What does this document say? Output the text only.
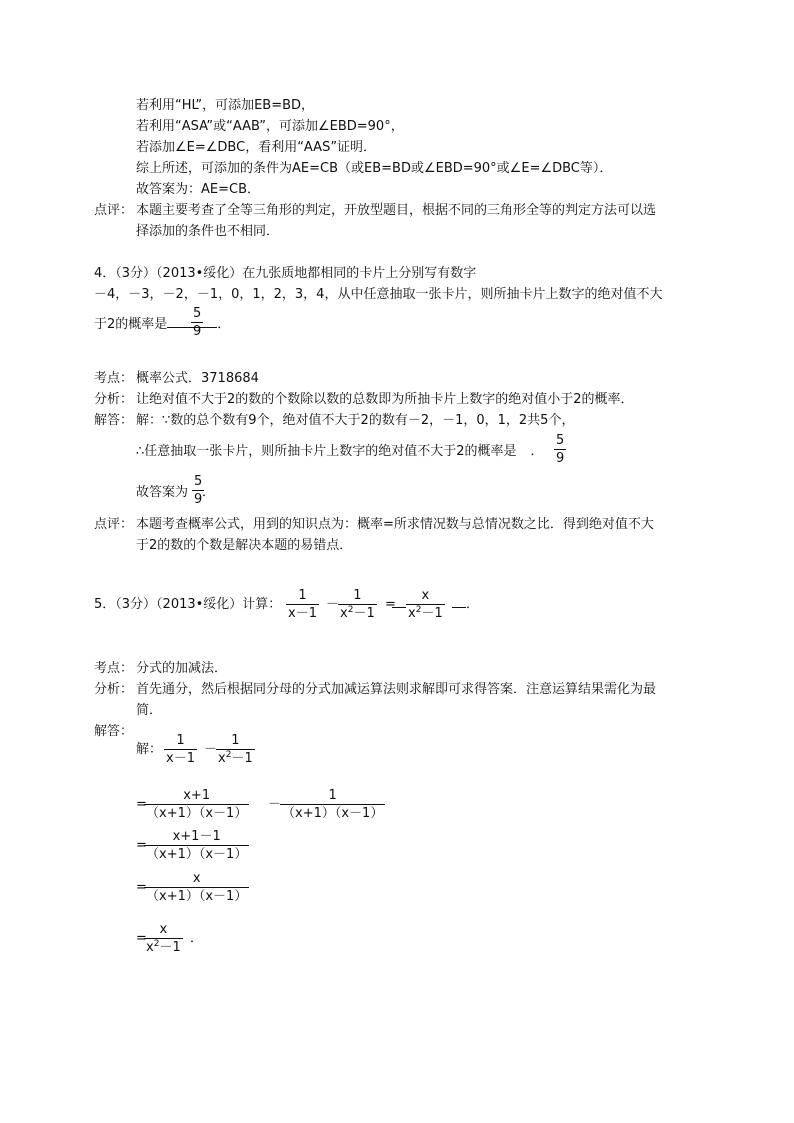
若利用“HL”，可添加EB=BD，
若利用“ASA”或“AAB”，可添加∠EBD=90°，
若添加∠E=∠DBC，看利用“AAS”证明．
综上所述，可添加的条件为AE=CB（或EB=BD或∠EBD=90°或∠E=∠DBC等）．
故答案为：AE=CB．
点评： 本题主要考查了全等三角形的判定，开放型题目，根据不同的三角形全等的判定方法可以选
择添加的条件也不相同．
4．（3分）（2013•绥化）在九张质地都相同的卡片上分别写有数字
－4，－3，－2，－1，0，1，2，3，4，从中任意抽取一张卡片，则所抽卡片上数字的绝对值不大
于2的概率是	．
5
9
考点： 概率公式．3718684
分析： 让绝对值不大于2的数的个数除以数的总数即为所抽卡片上数字的绝对值小于2的概率．
解答： 解：∵数的总个数有9个，绝对值不大于2的数有－2，－1，0，1，2共5个，
∴任意抽取一张卡片，则所抽卡片上数字的绝对值不大于2的概率是 ．
5
9
故答案为 ．
5
9
点评： 本题考查概率公式，用到的知识点为：概率=所求情况数与总情况数之比．得到绝对值不大
于2的数的个数是解决本题的易错点．
5．（3分）（2013•绥化）计算：
1
x－1
－
1
$x^2-1$
=
x
$x^2-1$
．
考点： 分式的加减法．
分析： 首先通分，然后根据同分母的分式加减运算法则求解即可求得答案．注意运算结果需化为最
简．
解答：
解：
1
x－1
－
1
$x^2-1$
=
x+1
（x+1）（x－1）
－
1
（x+1）（x－1）
=
x+1－1
（x+1）（x－1）
=
x
（x+1）（x－1）
=
x
$x^2-1$
．
